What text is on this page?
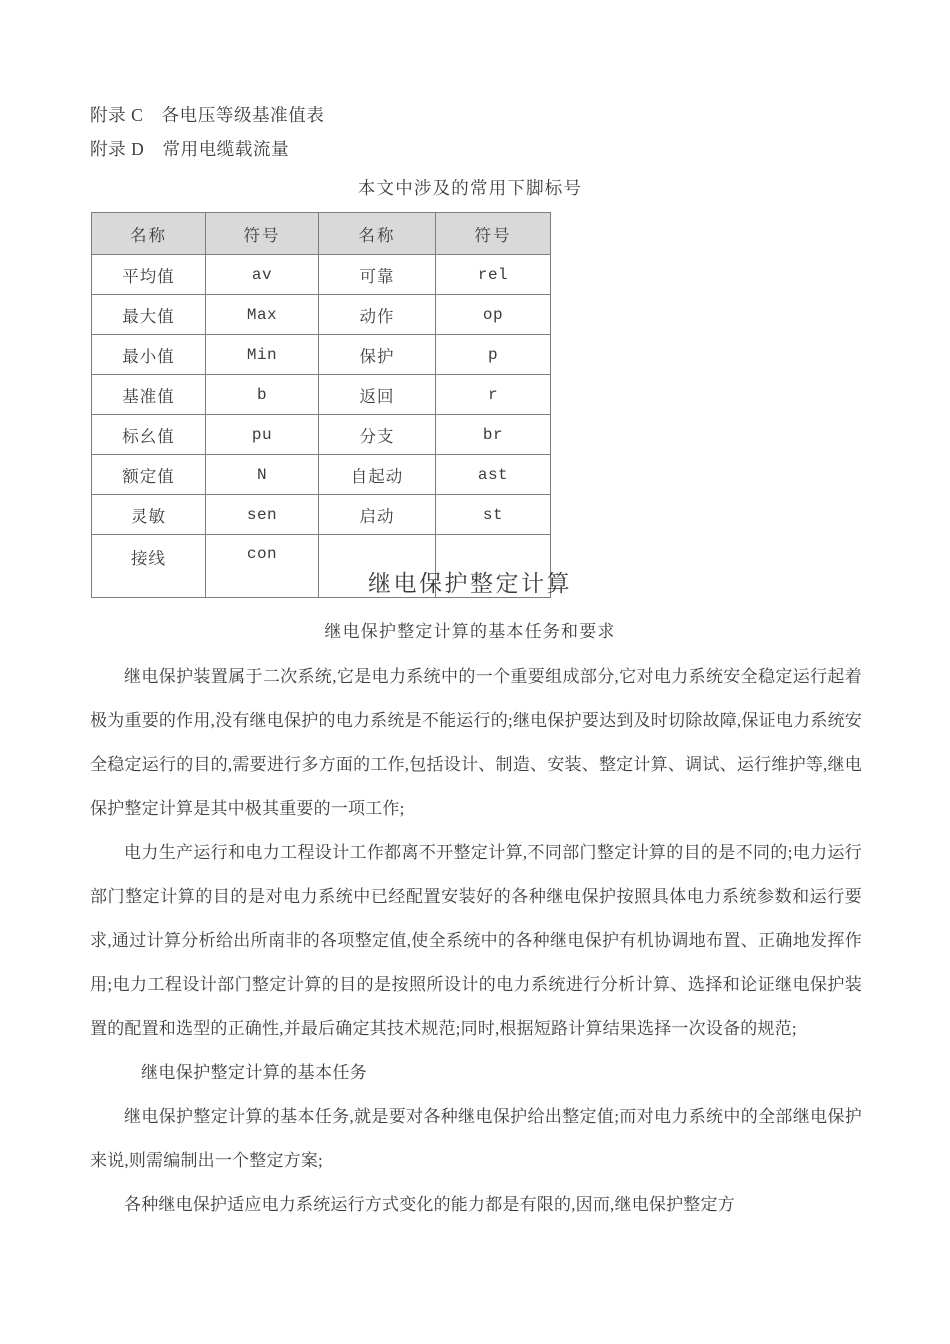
附录 C　各电压等级基准值表
附录 D　常用电缆载流量
本文中涉及的常用下脚标号
名称	符号	名称	符号
平均值	av	可靠	rel
最大值	Max	动作	op
最小值	Min	保护	p
基准值	b	返回	r
标幺值	pu	分支	br
额定值	N	自起动	ast
灵敏	sen	启动	st
接线	con		
继电保护整定计算
继电保护整定计算的基本任务和要求

继电保护装置属于二次系统,它是电力系统中的一个重要组成部分,它对电力系统安全稳定运行起着极为重要的作用,没有继电保护的电力系统是不能运行的;继电保护要达到及时切除故障,保证电力系统安全稳定运行的目的,需要进行多方面的工作,包括设计、制造、安装、整定计算、调试、运行维护等,继电保护整定计算是其中极其重要的一项工作;

电力生产运行和电力工程设计工作都离不开整定计算,不同部门整定计算的目的是不同的;电力运行部门整定计算的目的是对电力系统中已经配置安装好的各种继电保护按照具体电力系统参数和运行要求,通过计算分析给出所南非的各项整定值,使全系统中的各种继电保护有机协调地布置、正确地发挥作用;电力工程设计部门整定计算的目的是按照所设计的电力系统进行分析计算、选择和论证继电保护装置的配置和选型的正确性,并最后确定其技术规范;同时,根据短路计算结果选择一次设备的规范;

继电保护整定计算的基本任务

继电保护整定计算的基本任务,就是要对各种继电保护给出整定值;而对电力系统中的全部继电保护来说,则需编制出一个整定方案;

各种继电保护适应电力系统运行方式变化的能力都是有限的,因而,继电保护整定方
